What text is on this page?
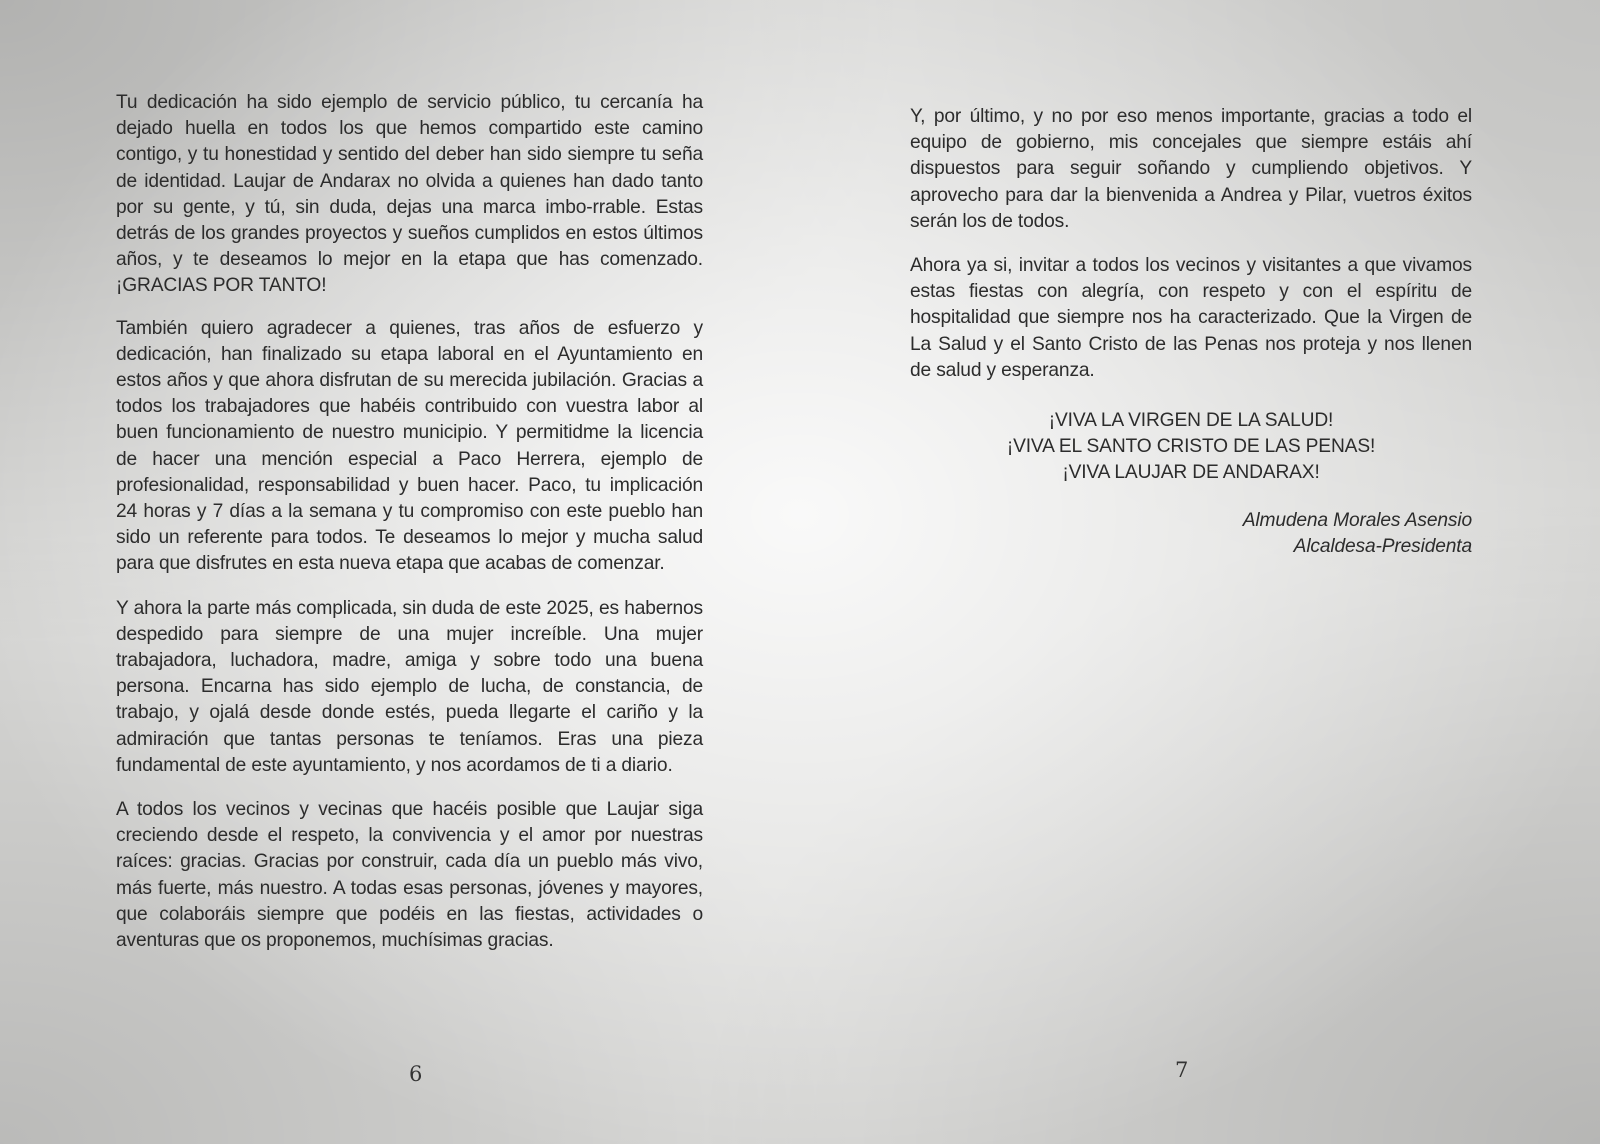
Tu dedicación ha sido ejemplo de servicio público, tu cercanía ha dejado huella en todos los que hemos compartido este camino contigo, y tu honestidad y sentido del deber han sido siempre tu seña de identidad. Laujar de Andarax no olvida a quienes han dado tanto por su gente, y tú, sin duda, dejas una marca imbo-rrable. Estas detrás de los grandes proyectos y sueños cumplidos en estos últimos años, y te deseamos lo mejor en la etapa que has comenzado. ¡GRACIAS POR TANTO!

También quiero agradecer a quienes, tras años de esfuerzo y dedicación, han finalizado su etapa laboral en el Ayuntamiento en estos años y que ahora disfrutan de su merecida jubilación. Gracias a todos los trabajadores que habéis contribuido con vuestra labor al buen funcionamiento de nuestro municipio. Y permitidme la licencia de hacer una mención especial a Paco Herrera, ejemplo de profesionalidad, responsabilidad y buen hacer. Paco, tu implicación 24 horas y 7 días a la semana y tu compromiso con este pueblo han sido un referente para todos. Te deseamos lo mejor y mucha salud para que disfrutes en esta nueva etapa que acabas de comenzar.

Y ahora la parte más complicada, sin duda de este 2025, es habernos despedido para siempre de una mujer increíble. Una mujer trabajadora, luchadora, madre, amiga y sobre todo una buena persona. Encarna has sido ejemplo de lucha, de constancia, de trabajo, y ojalá desde donde estés, pueda llegarte el cariño y la admiración que tantas personas te teníamos. Eras una pieza fundamental de este ayuntamiento, y nos acordamos de ti a diario.

A todos los vecinos y vecinas que hacéis posible que Laujar siga creciendo desde el respeto, la convivencia y el amor por nuestras raíces: gracias. Gracias por construir, cada día un pueblo más vivo, más fuerte, más nuestro. A todas esas personas, jóvenes y mayores, que colaboráis siempre que podéis en las fiestas, actividades o aventuras que os proponemos, muchísimas gracias.

6

Y, por último, y no por eso menos importante, gracias a todo el equipo de gobierno, mis concejales que siempre estáis ahí dispuestos para seguir soñando y cumpliendo objetivos. Y aprovecho para dar la bienvenida a Andrea y Pilar, vuetros éxitos serán los de todos.

Ahora ya si, invitar a todos los vecinos y visitantes a que vivamos estas fiestas con alegría, con respeto y con el espíritu de hospitalidad que siempre nos ha caracterizado. Que la Virgen de La Salud y el Santo Cristo de las Penas nos proteja y nos llenen de salud y esperanza.

¡VIVA LA VIRGEN DE LA SALUD!
¡VIVA EL SANTO CRISTO DE LAS PENAS!
¡VIVA LAUJAR DE ANDARAX!
Almudena Morales Asensio
Alcaldesa-Presidenta
7
